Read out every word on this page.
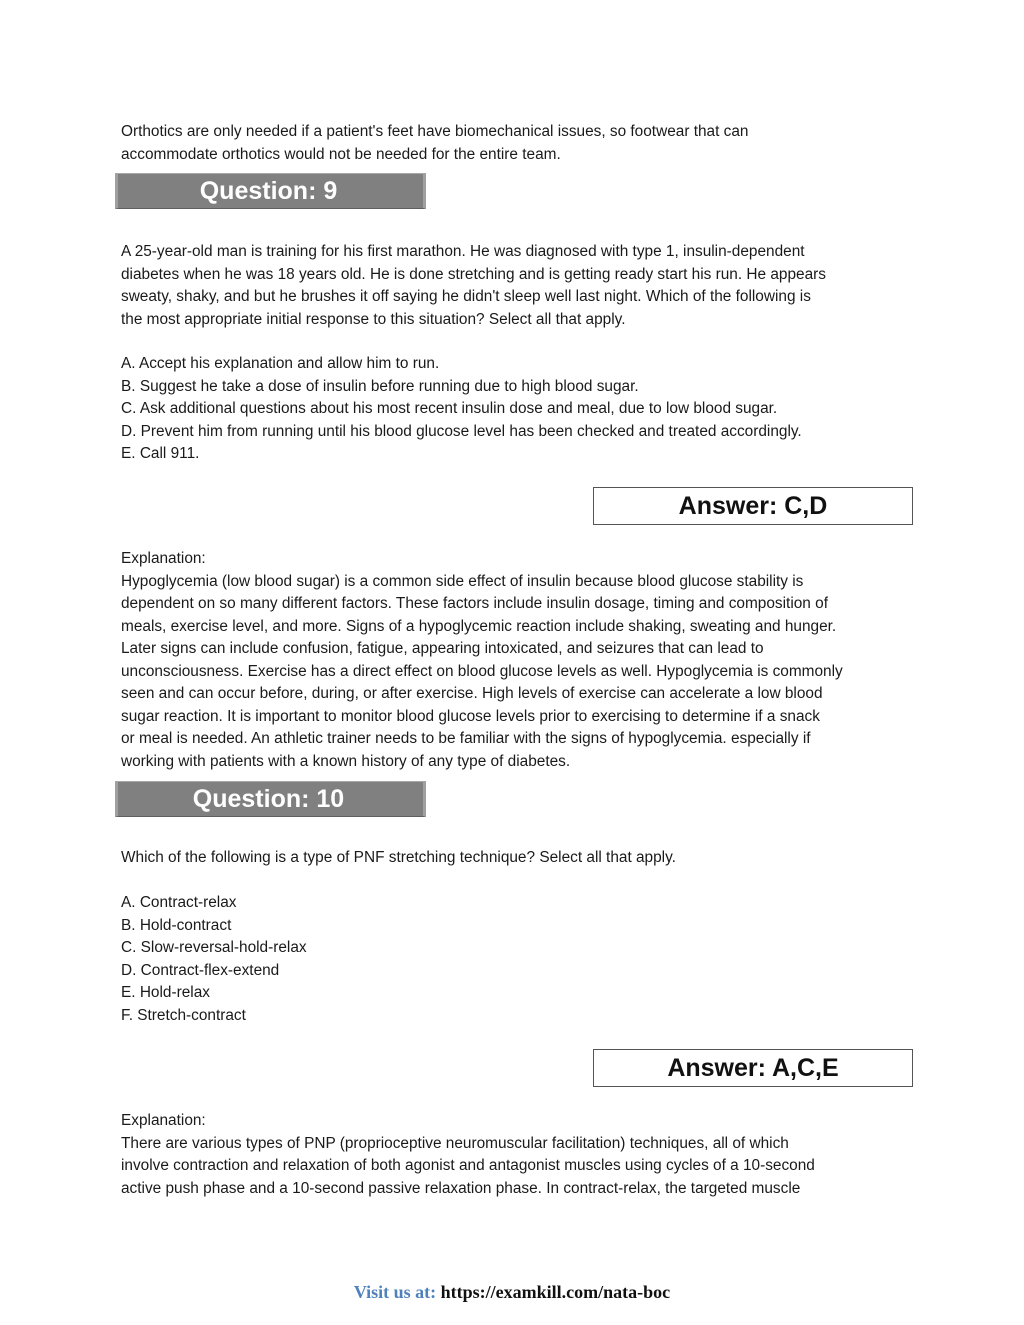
Orthotics are only needed if a patient's feet have biomechanical issues, so footwear that can
accommodate orthotics would not be needed for the entire team.
Question: 9
A 25-year-old man is training for his first marathon. He was diagnosed with type 1, insulin-dependent
diabetes when he was 18 years old. He is done stretching and is getting ready start his run. He appears
sweaty, shaky, and but he brushes it off saying he didn't sleep well last night. Which of the following is
the most appropriate initial response to this situation? Select all that apply.
A. Accept his explanation and allow him to run.
B. Suggest he take a dose of insulin before running due to high blood sugar.
C. Ask additional questions about his most recent insulin dose and meal, due to low blood sugar.
D. Prevent him from running until his blood glucose level has been checked and treated accordingly.
E. Call 911.
Answer: C,D
Explanation:
Hypoglycemia (low blood sugar) is a common side effect of insulin because blood glucose stability is
dependent on so many different factors. These factors include insulin dosage, timing and composition of
meals, exercise level, and more. Signs of a hypoglycemic reaction include shaking, sweating and hunger.
Later signs can include confusion, fatigue, appearing intoxicated, and seizures that can lead to
unconsciousness. Exercise has a direct effect on blood glucose levels as well. Hypoglycemia is commonly
seen and can occur before, during, or after exercise. High levels of exercise can accelerate a low blood
sugar reaction. It is important to monitor blood glucose levels prior to exercising to determine if a snack
or meal is needed. An athletic trainer needs to be familiar with the signs of hypoglycemia. especially if
working with patients with a known history of any type of diabetes.
Question: 10
Which of the following is a type of PNF stretching technique? Select all that apply.
A. Contract-relax
B. Hold-contract
C. Slow-reversal-hold-relax
D. Contract-flex-extend
E. Hold-relax
F. Stretch-contract
Answer: A,C,E
Explanation:
There are various types of PNP (proprioceptive neuromuscular facilitation) techniques, all of which
involve contraction and relaxation of both agonist and antagonist muscles using cycles of a 10-second
active push phase and a 10-second passive relaxation phase. In contract-relax, the targeted muscle
Visit us at: https://examkill.com/nata-boc
